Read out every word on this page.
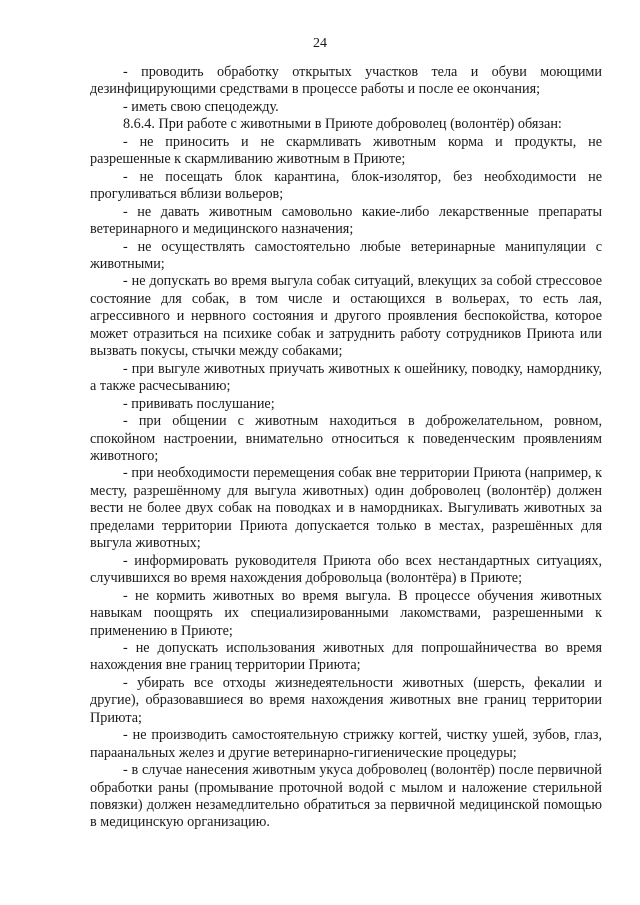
24

- проводить обработку открытых участков тела и обуви моющими дезинфицирующими средствами в процессе работы и после ее окончания;

- иметь свою спецодежду.

8.6.4. При работе с животными в Приюте доброволец (волонтёр) обязан:

- не приносить и не скармливать животным корма и продукты, не разрешенные к скармливанию животным в Приюте;

- не посещать блок карантина, блок-изолятор, без необходимости не прогуливаться вблизи вольеров;

- не давать животным самовольно какие-либо лекарственные препараты ветеринарного и медицинского назначения;

- не осуществлять самостоятельно любые ветеринарные манипуляции с животными;

- не допускать во время выгула собак ситуаций, влекущих за собой стрессовое состояние для собак, в том числе и остающихся в вольерах, то есть лая, агрессивного и нервного состояния и другого проявления беспокойства, которое может отразиться на психике собак и затруднить работу сотрудников Приюта или вызвать покусы, стычки между собаками;

- при выгуле животных приучать животных к ошейнику, поводку, наморднику, а также расчесыванию;

- прививать послушание;

- при общении с животным находиться в доброжелательном, ровном, спокойном настроении, внимательно относиться к поведенческим проявлениям животного;

- при необходимости перемещения собак вне территории Приюта (например, к месту, разрешённому для выгула животных) один доброволец (волонтёр) должен вести не более двух собак на поводках и в намордниках. Выгуливать животных за пределами территории Приюта допускается только в местах, разрешённых для выгула животных;

- информировать руководителя Приюта обо всех нестандартных ситуациях, случившихся во время нахождения добровольца (волонтёра) в Приюте;

- не кормить животных во время выгула. В процессе обучения животных навыкам поощрять их специализированными лакомствами, разрешенными к применению в Приюте;

- не допускать использования животных для попрошайничества во время нахождения вне границ территории Приюта;

- убирать все отходы жизнедеятельности животных (шерсть, фекалии и другие), образовавшиеся во время нахождения животных вне границ территории Приюта;

- не производить самостоятельную стрижку когтей, чистку ушей, зубов, глаз, параанальных желез и другие ветеринарно-гигиенические процедуры;

- в случае нанесения животным укуса доброволец (волонтёр) после первичной обработки раны (промывание проточной водой с мылом и наложение стерильной повязки) должен незамедлительно обратиться за первичной медицинской помощью в медицинскую организацию.
